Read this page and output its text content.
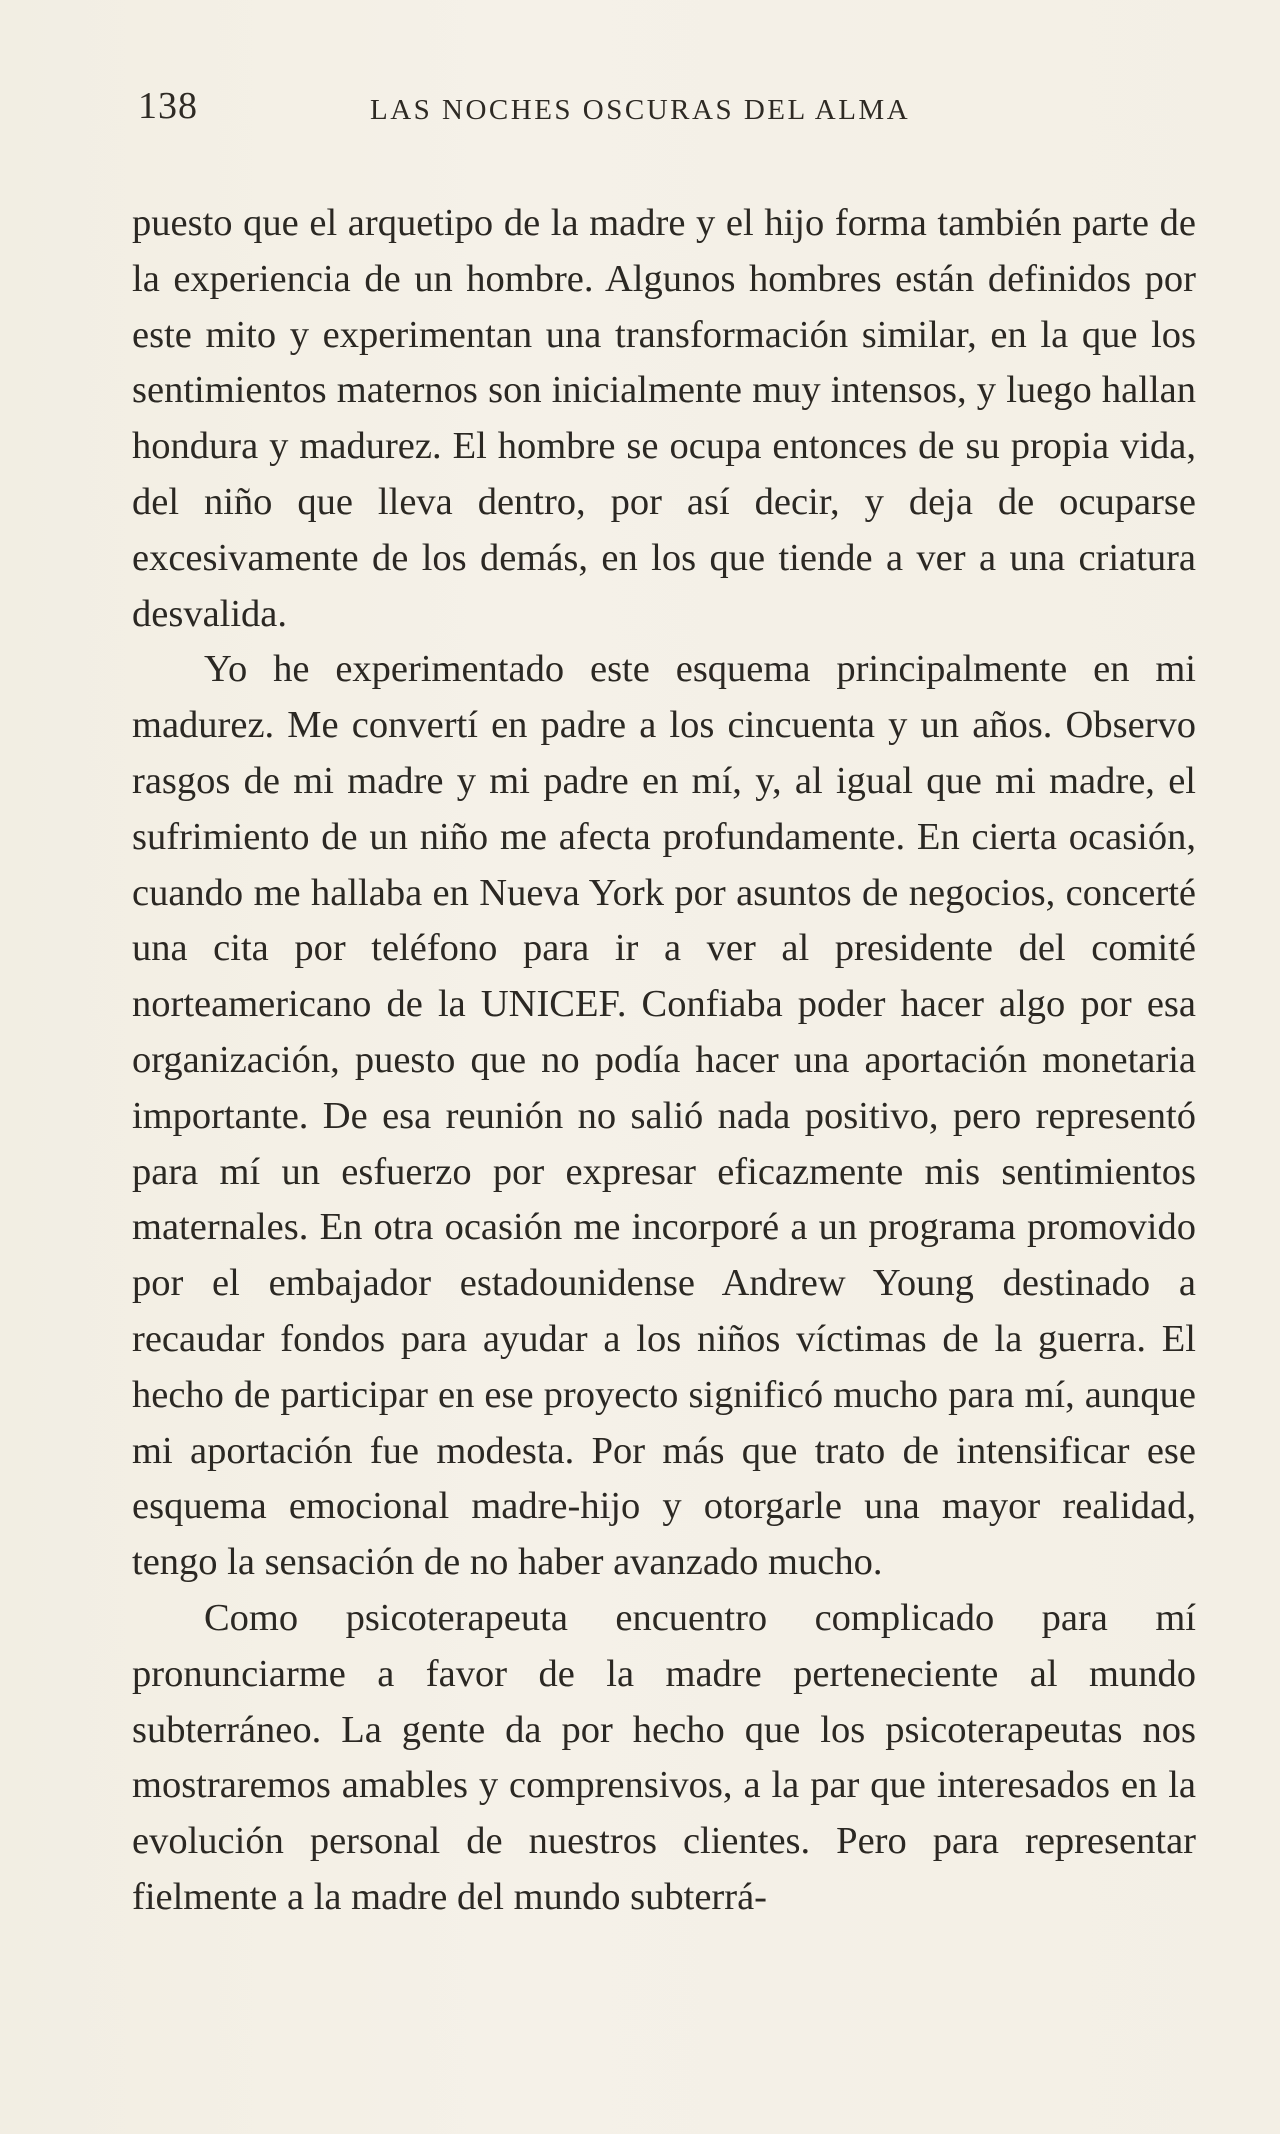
138	LAS NOCHES OSCURAS DEL ALMA

puesto que el arquetipo de la madre y el hijo forma también parte de la experiencia de un hombre. Algunos hombres están definidos por este mito y experimentan una transformación similar, en la que los sentimientos maternos son inicialmente muy intensos, y luego hallan hondura y madurez. El hombre se ocupa entonces de su propia vida, del niño que lleva dentro, por así decir, y deja de ocuparse excesivamente de los demás, en los que tiende a ver a una criatura desvalida.

Yo he experimentado este esquema principalmente en mi madurez. Me convertí en padre a los cincuenta y un años. Observo rasgos de mi madre y mi padre en mí, y, al igual que mi madre, el sufrimiento de un niño me afecta profundamente. En cierta ocasión, cuando me hallaba en Nueva York por asuntos de negocios, concerté una cita por teléfono para ir a ver al presidente del comité norteamericano de la UNICEF. Confiaba poder hacer algo por esa organización, puesto que no podía hacer una aportación monetaria importante. De esa reunión no salió nada positivo, pero representó para mí un esfuerzo por expresar eficazmente mis sentimientos maternales. En otra ocasión me incorporé a un programa promovido por el embajador estadounidense Andrew Young destinado a recaudar fondos para ayudar a los niños víctimas de la guerra. El hecho de participar en ese proyecto significó mucho para mí, aunque mi aportación fue modesta. Por más que trato de intensificar ese esquema emocional madre-hijo y otorgarle una mayor realidad, tengo la sensación de no haber avanzado mucho.

Como psicoterapeuta encuentro complicado para mí pronunciarme a favor de la madre perteneciente al mundo subterráneo. La gente da por hecho que los psicoterapeutas nos mostraremos amables y comprensivos, a la par que interesados en la evolución personal de nuestros clientes. Pero para representar fielmente a la madre del mundo subterrá-
